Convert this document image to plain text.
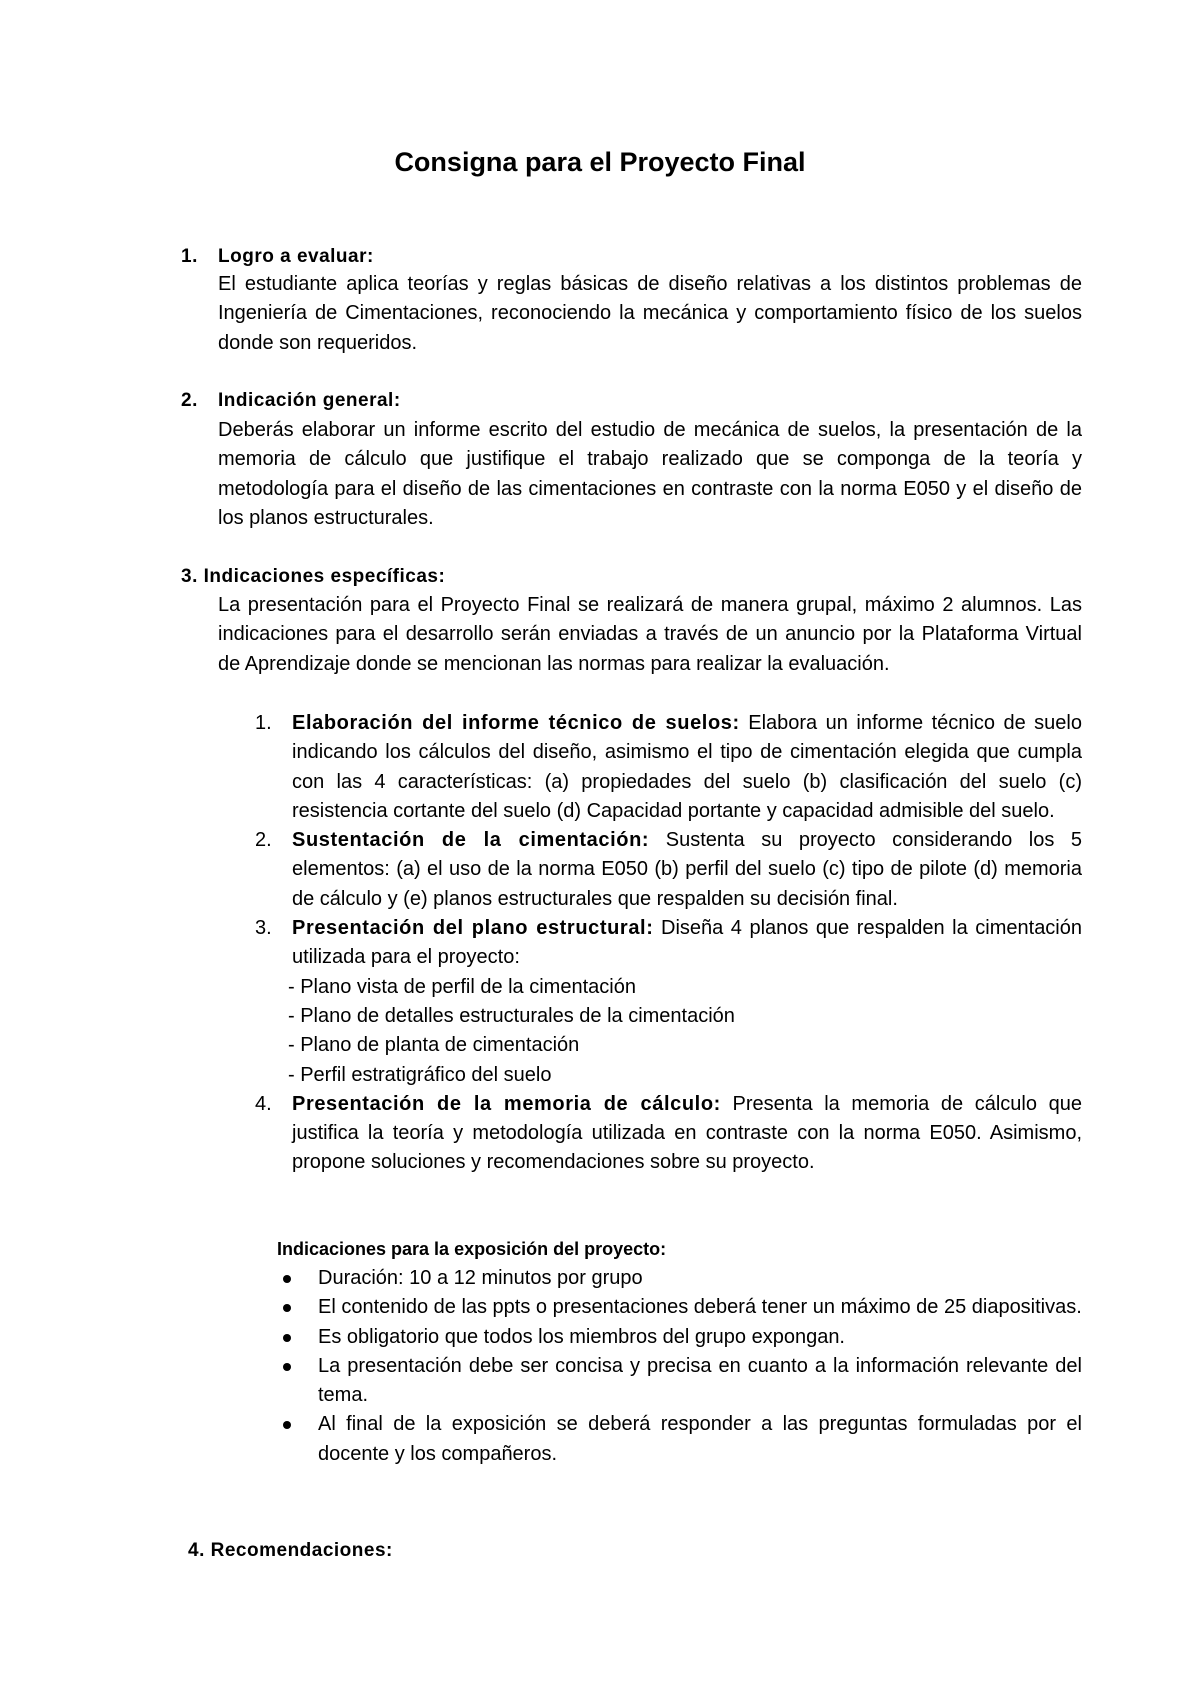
Consigna para el Proyecto Final
1. Logro a evaluar:

El estudiante aplica teorías y reglas básicas de diseño relativas a los distintos problemas de Ingeniería de Cimentaciones, reconociendo la mecánica y comportamiento físico de los suelos donde son requeridos.

2. Indicación general:

Deberás elaborar un informe escrito del estudio de mecánica de suelos, la presentación de la memoria de cálculo que justifique el trabajo realizado que se componga de la teoría y metodología para el diseño de las cimentaciones en contraste con la norma E050 y el diseño de los planos estructurales.

3. Indicaciones específicas:

La presentación para el Proyecto Final se realizará de manera grupal, máximo 2 alumnos. Las indicaciones para el desarrollo serán enviadas a través de un anuncio por la Plataforma Virtual de Aprendizaje donde se mencionan las normas para realizar la evaluación.

1. Elaboración del informe técnico de suelos: Elabora un informe técnico de suelo indicando los cálculos del diseño, asimismo el tipo de cimentación elegida que cumpla con las 4 características: (a) propiedades del suelo (b) clasificación del suelo (c) resistencia cortante del suelo (d) Capacidad portante y capacidad admisible del suelo.
2. Sustentación de la cimentación: Sustenta su proyecto considerando los 5 elementos: (a) el uso de la norma E050 (b) perfil del suelo (c) tipo de pilote (d) memoria de cálculo y (e) planos estructurales que respalden su decisión final.
3. Presentación del plano estructural: Diseña 4 planos que respalden la cimentación utilizada para el proyecto:
- Plano vista de perfil de la cimentación
- Plano de detalles estructurales de la cimentación
- Plano de planta de cimentación
- Perfil estratigráfico del suelo
4. Presentación de la memoria de cálculo: Presenta la memoria de cálculo que justifica la teoría y metodología utilizada en contraste con la norma E050. Asimismo, propone soluciones y recomendaciones sobre su proyecto.
Indicaciones para la exposición del proyecto:
Duración: 10 a 12 minutos por grupo
El contenido de las ppts o presentaciones deberá tener un máximo de 25 diapositivas.
Es obligatorio que todos los miembros del grupo expongan.
La presentación debe ser concisa y precisa en cuanto a la información relevante del tema.
Al final de la exposición se deberá responder a las preguntas formuladas por el docente y los compañeros.
4. Recomendaciones:
